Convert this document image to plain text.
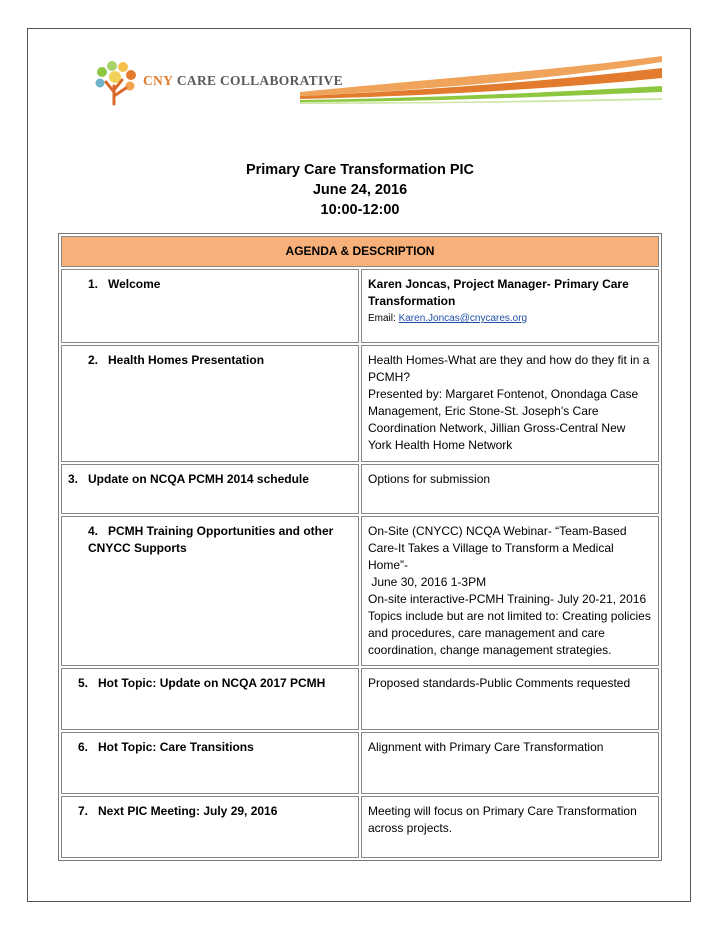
CNY CARE COLLABORATIVE
Primary Care Transformation PIC
June 24, 2016
10:00-12:00
AGENDA & DESCRIPTION	
1. Welcome	Karen Joncas, Project Manager- Primary Care Transformation
Email: Karen.Joncas@cnycares.org

2. Health Homes Presentation	Health Homes-What are they and how do they fit in a PCMH?
Presented by: Margaret Fontenot, Onondaga Case Management, Eric Stone-St. Joseph’s Care Coordination Network, Jillian Gross-Central New York Health Home Network

3. Update on NCQA PCMH 2014 schedule	Options for submission

4. PCMH Training Opportunities and other CNYCC Supports	On-Site (CNYCC) NCQA Webinar- “Team-Based Care-It Takes a Village to Transform a Medical Home”-
June 30, 2016 1-3PM
On-site interactive-PCMH Training- July 20-21, 2016
Topics include but are not limited to: Creating policies and procedures, care management and care coordination, change management strategies.

5. Hot Topic: Update on NCQA 2017 PCMH	Proposed standards-Public Comments requested

6. Hot Topic: Care Transitions	Alignment with Primary Care Transformation

7. Next PIC Meeting: July 29, 2016	Meeting will focus on Primary Care Transformation across projects.
